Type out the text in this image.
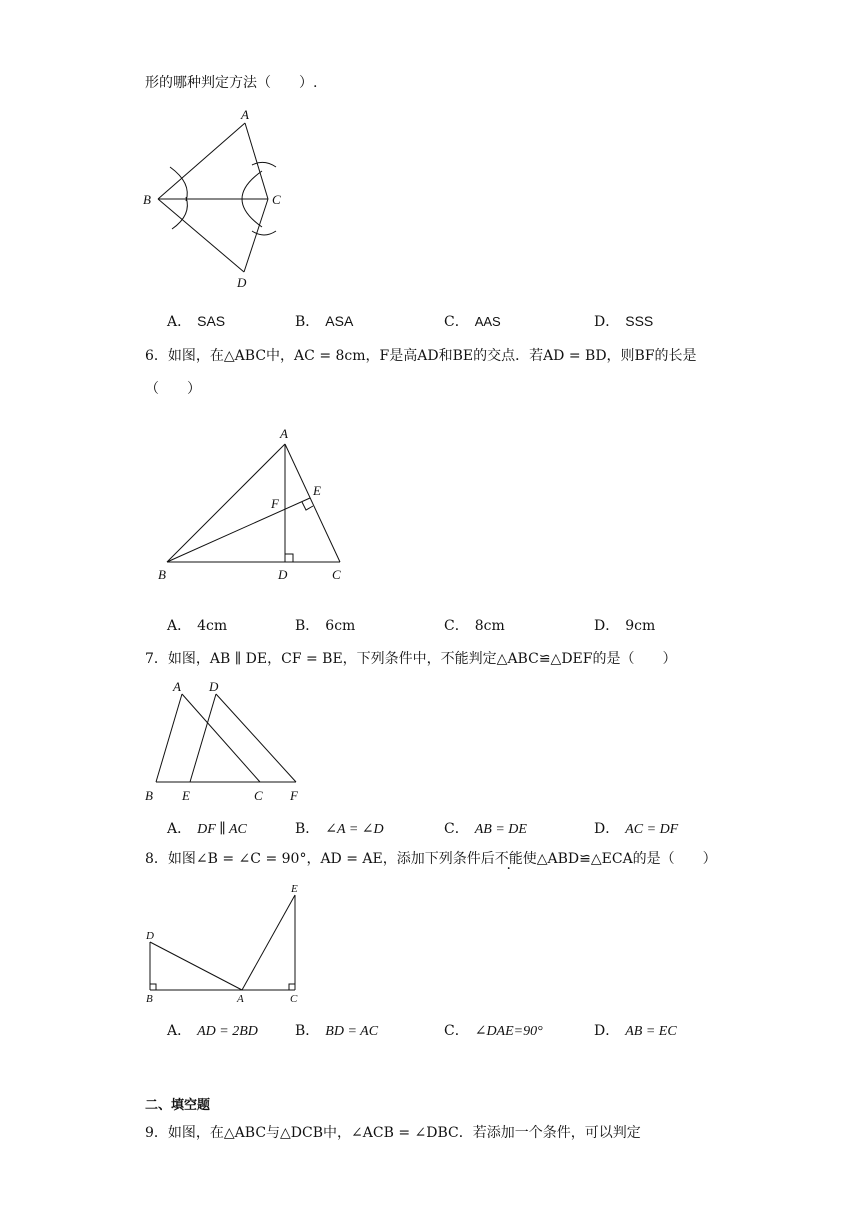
形的哪种判定方法（　　）.
A
B	C
D
A． SAS	B． ASA	C． AAS	D． SSS
6．如图，在△ABC中，AC = 8cm，F是高AD和BE的交点．若AD = BD，则BF的长是
（　　）
A
B	C
D
E
F
A． 4cm	B． 6cm	C． 8cm	D． 9cm
7．如图，AB ∥ DE，CF = BE，下列条件中，不能判定△ABC≌△DEF的是（　　）
A D
B E	C F
A． DF ∥ AC	B． ∠A = ∠D	C． AB = DE	D． AC = DF
8．如图∠B = ∠C = 90°，AD = AE，添加下列条件后不能使△ABD≌△ECA的是（　　）
E
D
B	A	C
A． AD = 2BD	B． BD = AC	C． ∠DAE=90°	D． AB = EC
二、填空题
9．如图，在△ABC与△DCB中，∠ACB = ∠DBC．若添加一个条件，可以判定
